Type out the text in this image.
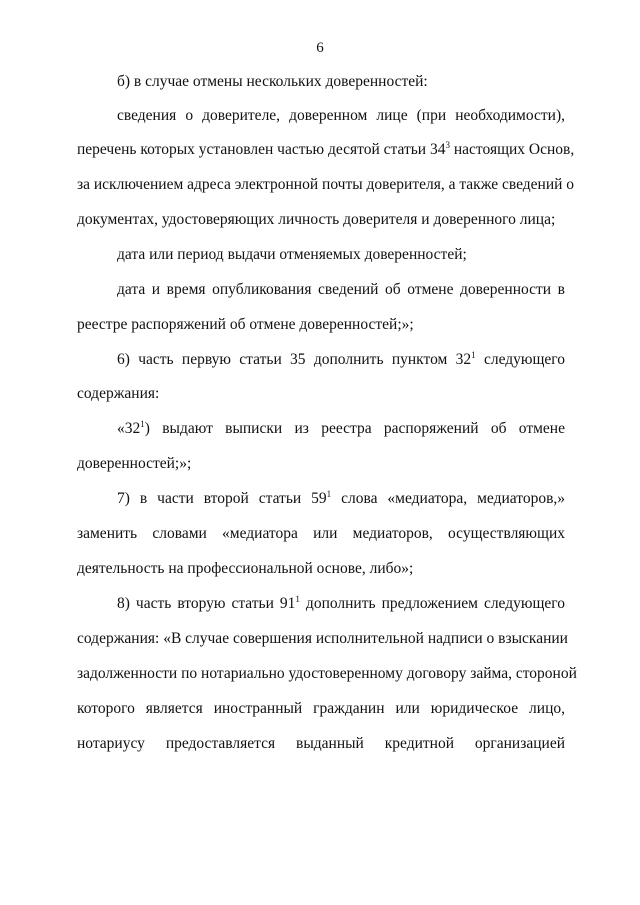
6
б) в случае отмены нескольких доверенностей:
сведения о доверителе, доверенном лице (при необходимости),
перечень которых установлен частью десятой статьи $34^3$ настоящих Основ,
за исключением адреса электронной почты доверителя, а также сведений о
документах, удостоверяющих личность доверителя и доверенного лица;
дата или период выдачи отменяемых доверенностей;
дата и время опубликования сведений об отмене доверенности в
реестре распоряжений об отмене доверенностей;»;
6) часть первую статьи 35 дополнить пунктом $32^1$ следующего
содержания:
«$32^1$) выдают выписки из реестра распоряжений об отмене
доверенностей;»;
7) в части второй статьи $59^1$ слова «медиатора, медиаторов,»
заменить словами «медиатора или медиаторов, осуществляющих
деятельность на профессиональной основе, либо»;
8) часть вторую статьи $91^1$ дополнить предложением следующего
содержания: «В случае совершения исполнительной надписи о взыскании
задолженности по нотариально удостоверенному договору займа, стороной
которого является иностранный гражданин или юридическое лицо,
нотариусу предоставляется выданный кредитной организацией
